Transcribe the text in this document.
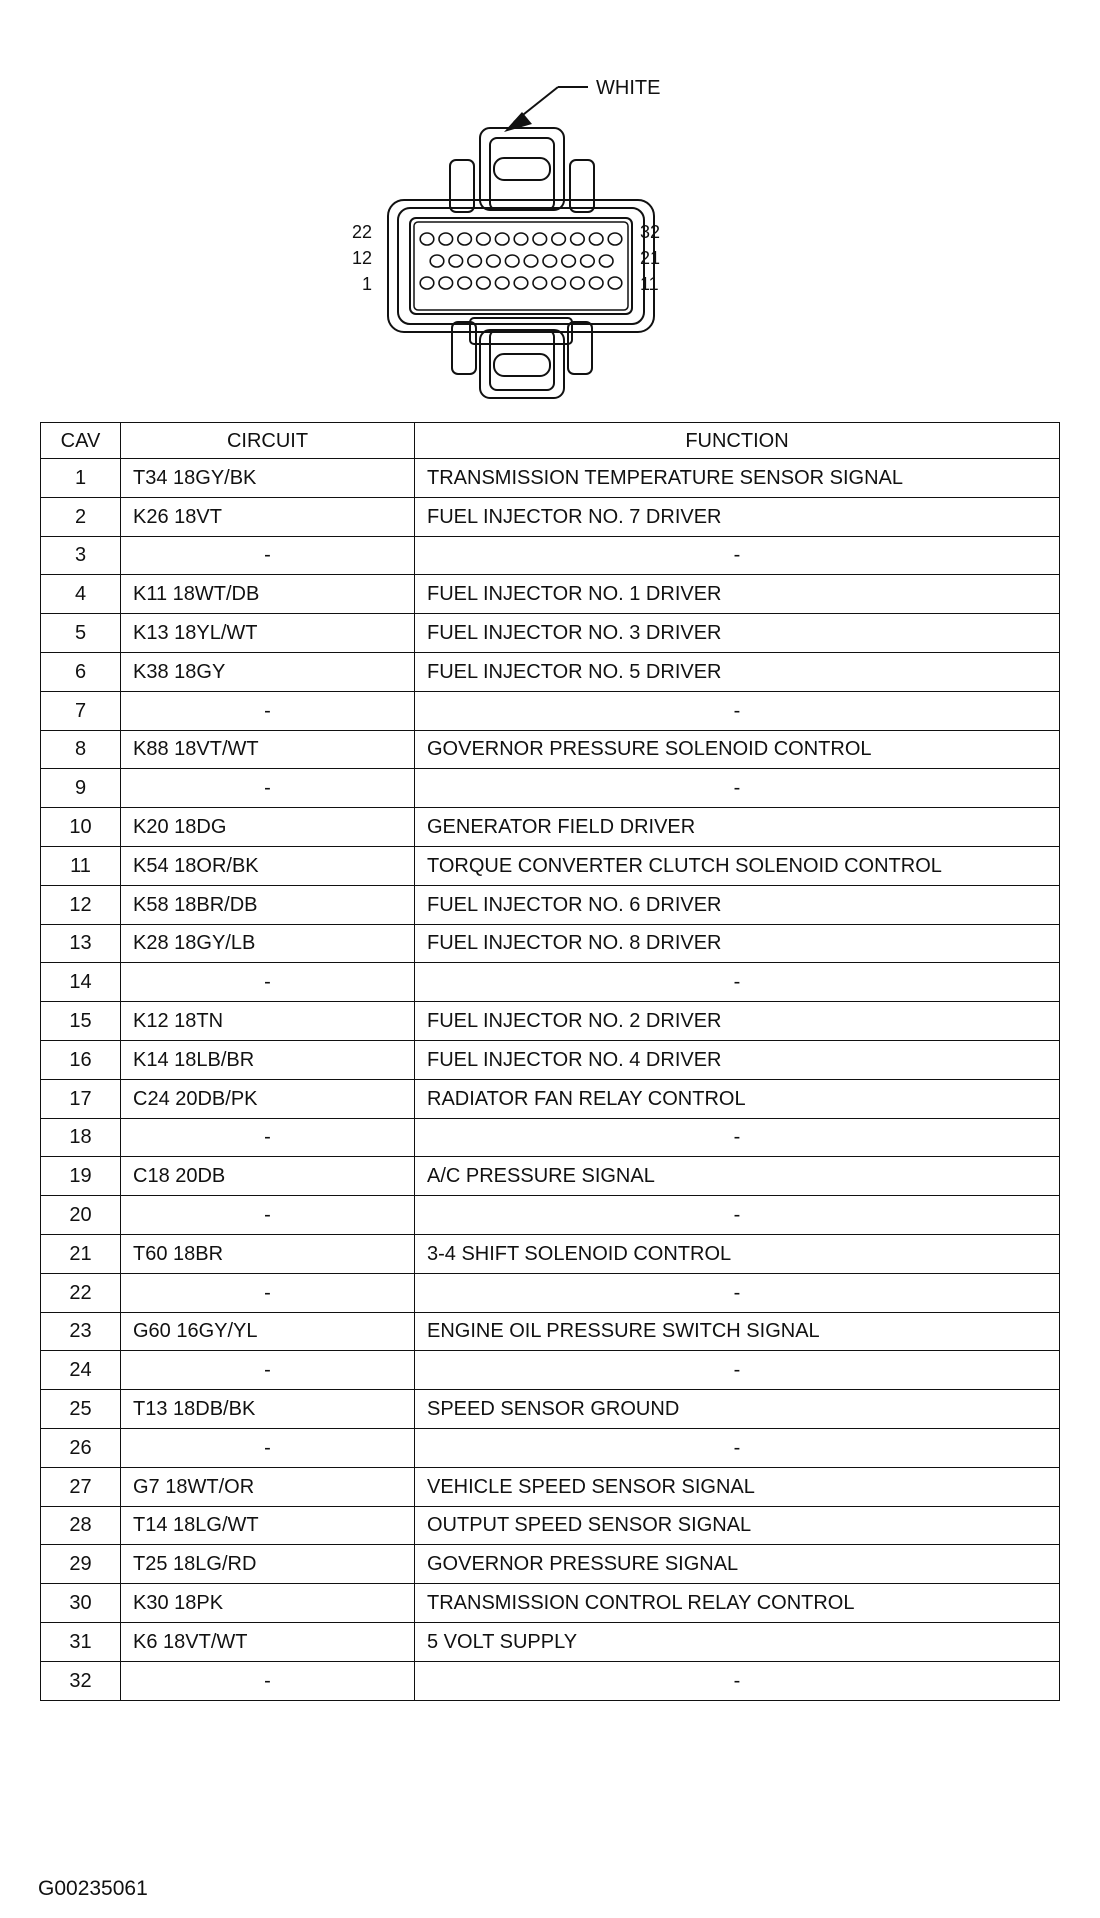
WHITE
22
12
1
32
21
11
CAV	CIRCUIT	FUNCTION
1	T34 18GY/BK	TRANSMISSION TEMPERATURE SENSOR SIGNAL
2	K26 18VT	FUEL INJECTOR NO. 7 DRIVER
3	-	-
4	K11 18WT/DB	FUEL INJECTOR NO. 1 DRIVER
5	K13 18YL/WT	FUEL INJECTOR NO. 3 DRIVER
6	K38 18GY	FUEL INJECTOR NO. 5 DRIVER
7	-	-
8	K88 18VT/WT	GOVERNOR PRESSURE SOLENOID CONTROL
9	-	-
10	K20 18DG	GENERATOR FIELD DRIVER
11	K54 18OR/BK	TORQUE CONVERTER CLUTCH SOLENOID CONTROL
12	K58 18BR/DB	FUEL INJECTOR NO. 6 DRIVER
13	K28 18GY/LB	FUEL INJECTOR NO. 8 DRIVER
14	-	-
15	K12 18TN	FUEL INJECTOR NO. 2 DRIVER
16	K14 18LB/BR	FUEL INJECTOR NO. 4 DRIVER
17	C24 20DB/PK	RADIATOR FAN RELAY CONTROL
18	-	-
19	C18 20DB	A/C PRESSURE SIGNAL
20	-	-
21	T60 18BR	3-4 SHIFT SOLENOID CONTROL
22	-	-
23	G60 16GY/YL	ENGINE OIL PRESSURE SWITCH SIGNAL
24	-	-
25	T13 18DB/BK	SPEED SENSOR GROUND
26	-	-
27	G7 18WT/OR	VEHICLE SPEED SENSOR SIGNAL
28	T14 18LG/WT	OUTPUT SPEED SENSOR SIGNAL
29	T25 18LG/RD	GOVERNOR PRESSURE SIGNAL
30	K30 18PK	TRANSMISSION CONTROL RELAY CONTROL
31	K6 18VT/WT	5 VOLT SUPPLY
32	-	-
G00235061
